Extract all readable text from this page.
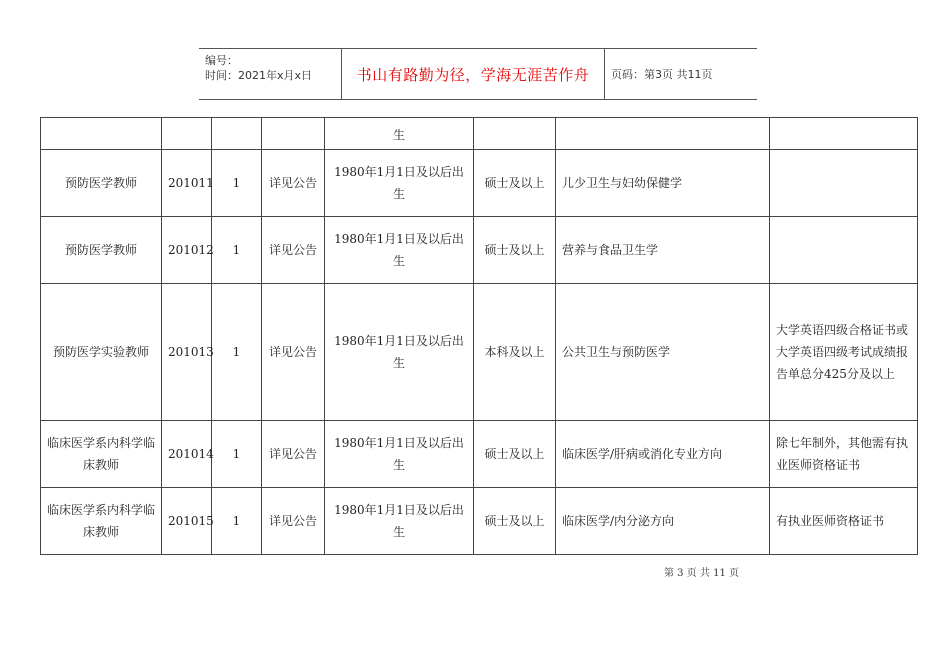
编号：
时间：2021年x月x日	书山有路勤为径，学海无涯苦作舟	页码：第3页 共11页
				生			
预防医学教师	201011	1	详见公告	1980年1月1日及以后出生	硕士及以上	儿少卫生与妇幼保健学	
预防医学教师	201012	1	详见公告	1980年1月1日及以后出生	硕士及以上	营养与食品卫生学	
预防医学实验教师	201013	1	详见公告	1980年1月1日及以后出生	本科及以上	公共卫生与预防医学	大学英语四级合格证书或大学英语四级考试成绩报告单总分425分及以上
临床医学系内科学临床教师	201014	1	详见公告	1980年1月1日及以后出生	硕士及以上	临床医学/肝病或消化专业方向	除七年制外，其他需有执业医师资格证书
临床医学系内科学临床教师	201015	1	详见公告	1980年1月1日及以后出生	硕士及以上	临床医学/内分泌方向	有执业医师资格证书
第 3 页 共 11 页
